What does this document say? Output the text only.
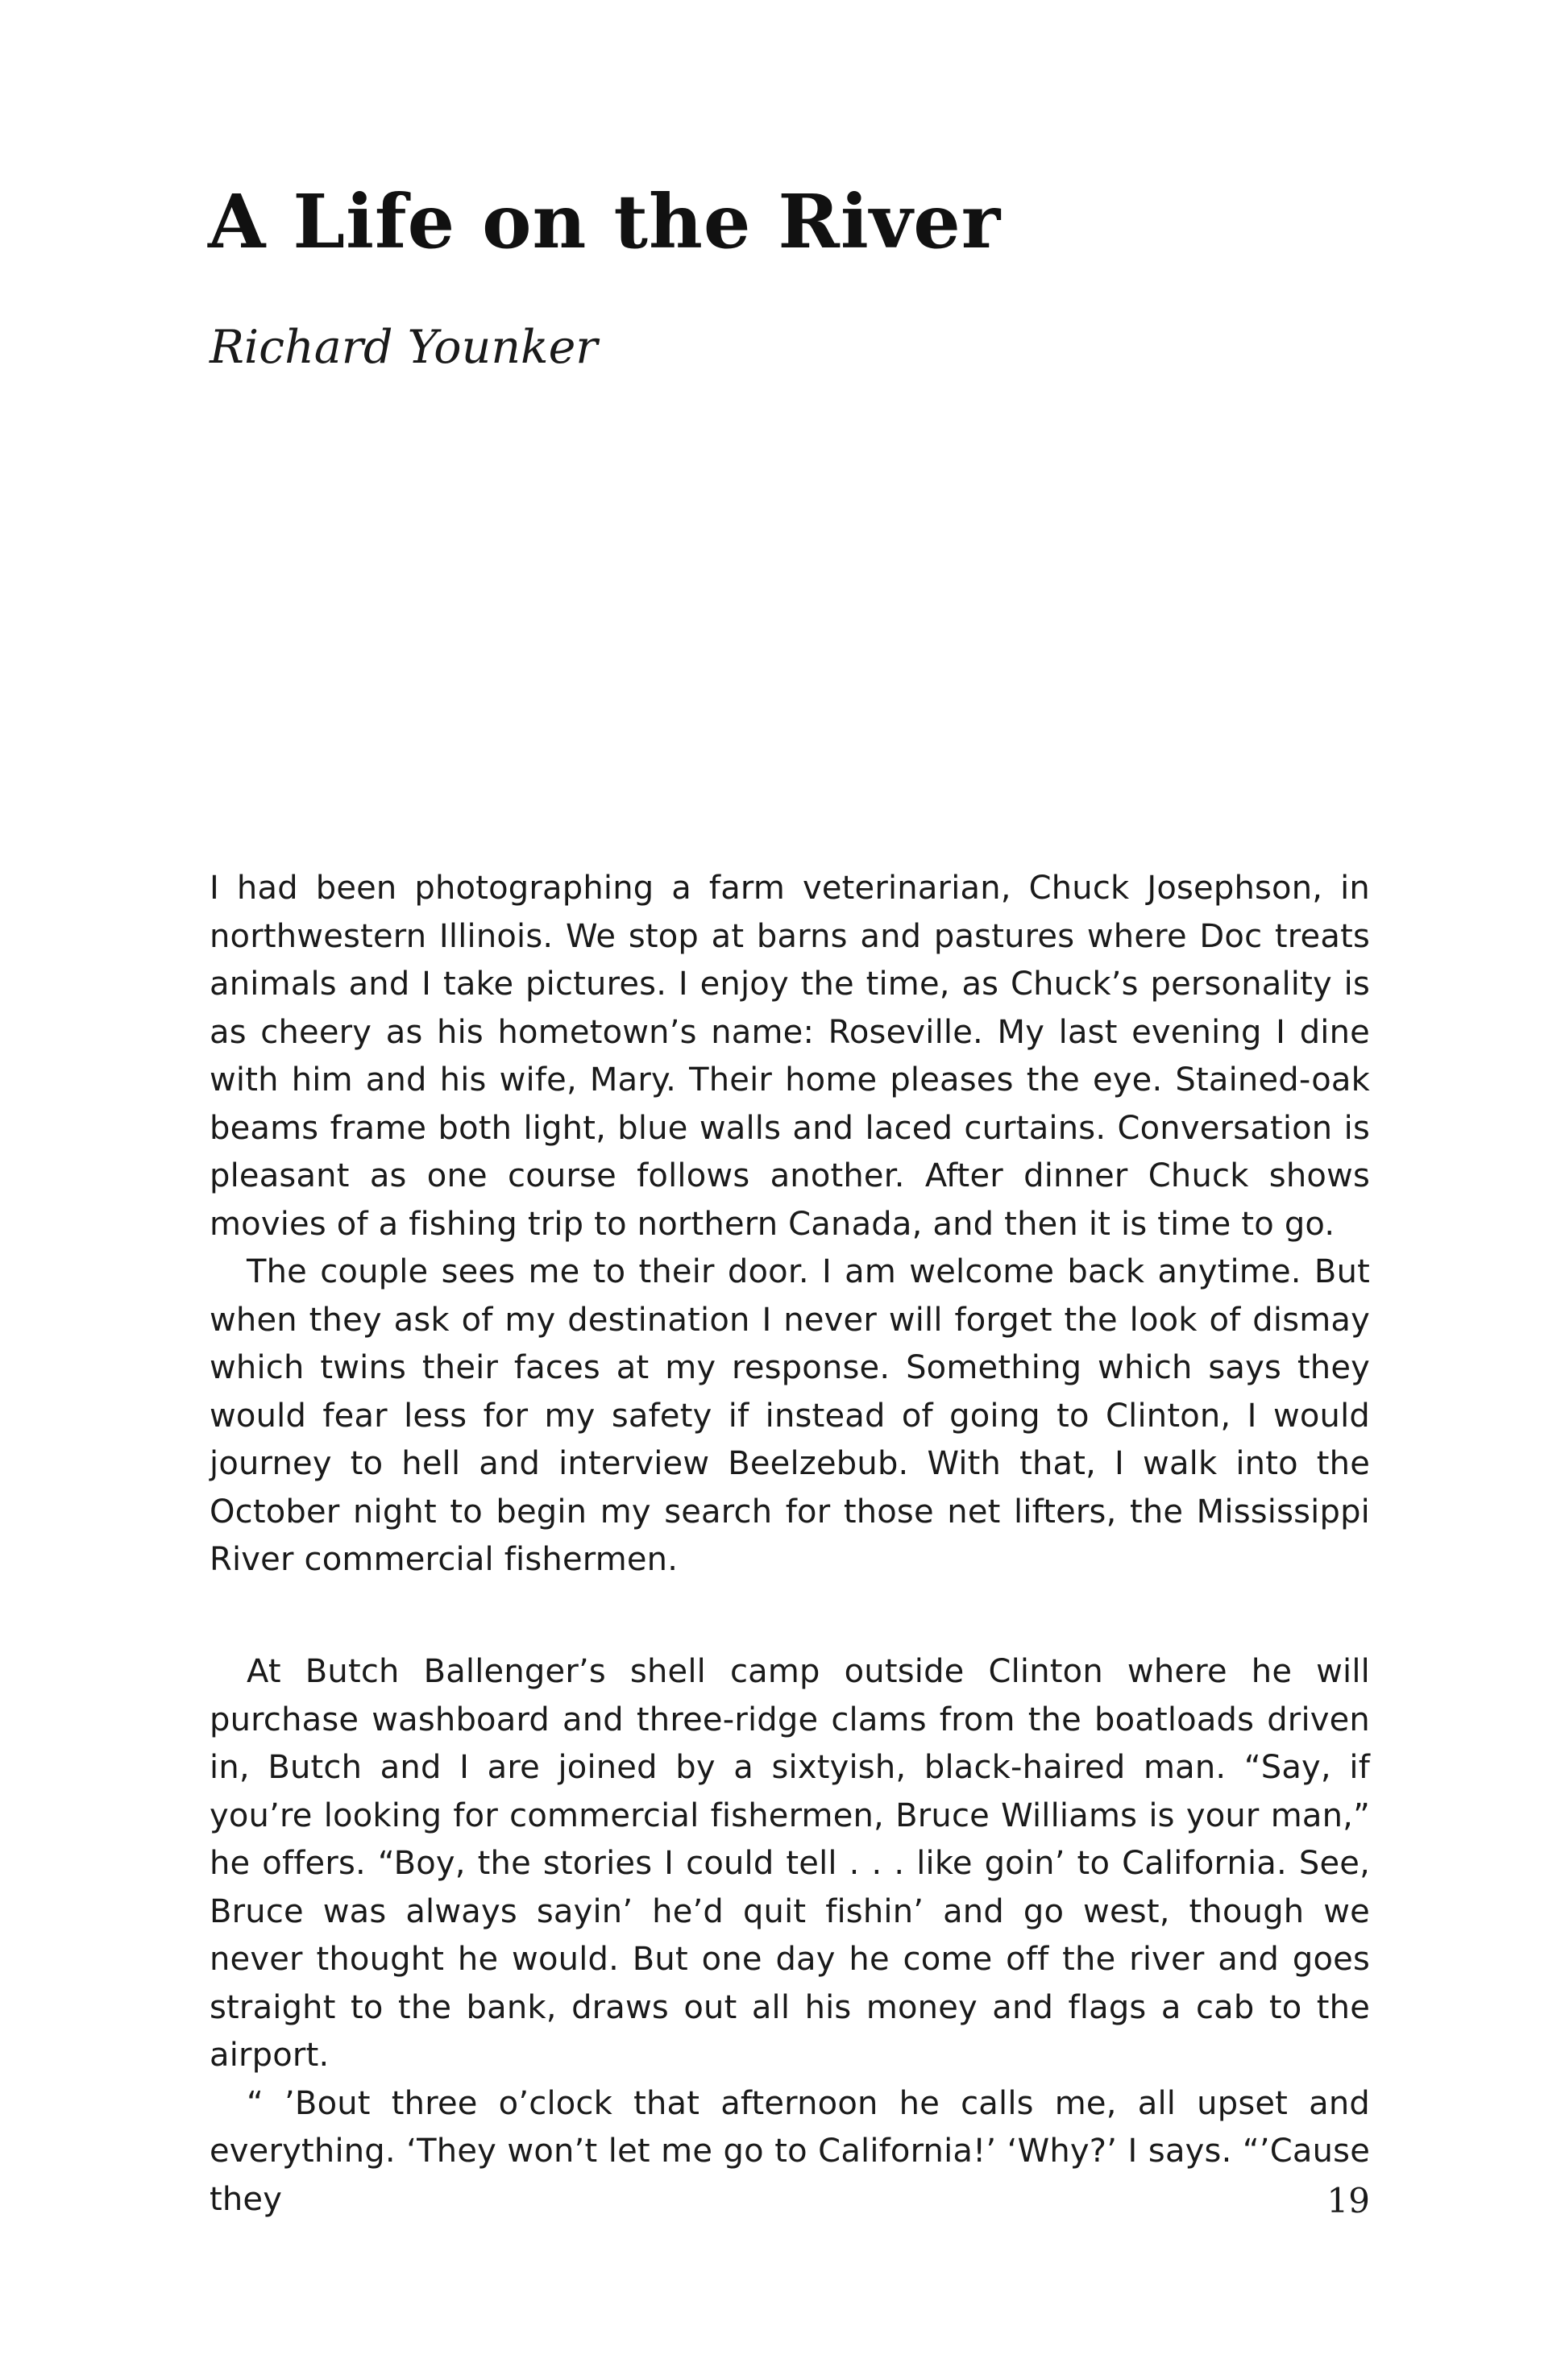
A Life on the River
Richard Younker

I had been photographing a farm veterinarian, Chuck Josephson, in northwestern Illinois. We stop at barns and pastures where Doc treats animals and I take pictures. I enjoy the time, as Chuck’s personality is as cheery as his hometown’s name: Roseville. My last evening I dine with him and his wife, Mary. Their home pleases the eye. Stained-oak beams frame both light, blue walls and laced curtains. Conversation is pleasant as one course follows another. After dinner Chuck shows movies of a fishing trip to northern Canada, and then it is time to go.

The couple sees me to their door. I am welcome back anytime. But when they ask of my destination I never will forget the look of dismay which twins their faces at my response. Something which says they would fear less for my safety if instead of going to Clinton, I would journey to hell and interview Beelzebub. With that, I walk into the October night to begin my search for those net lifters, the Mississippi River commercial fishermen.

At Butch Ballenger’s shell camp outside Clinton where he will purchase washboard and three-ridge clams from the boatloads driven in, Butch and I are joined by a sixtyish, black-haired man. “Say, if you’re looking for commercial fishermen, Bruce Williams is your man,” he offers. “Boy, the stories I could tell . . . like goin’ to California. See, Bruce was always sayin’ he’d quit fishin’ and go west, though we never thought he would. But one day he come off the river and goes straight to the bank, draws out all his money and flags a cab to the airport.

“ ’Bout three o’clock that afternoon he calls me, all upset and everything. ‘They won’t let me go to California!’ ‘Why?’ I says. “’Cause they	19
